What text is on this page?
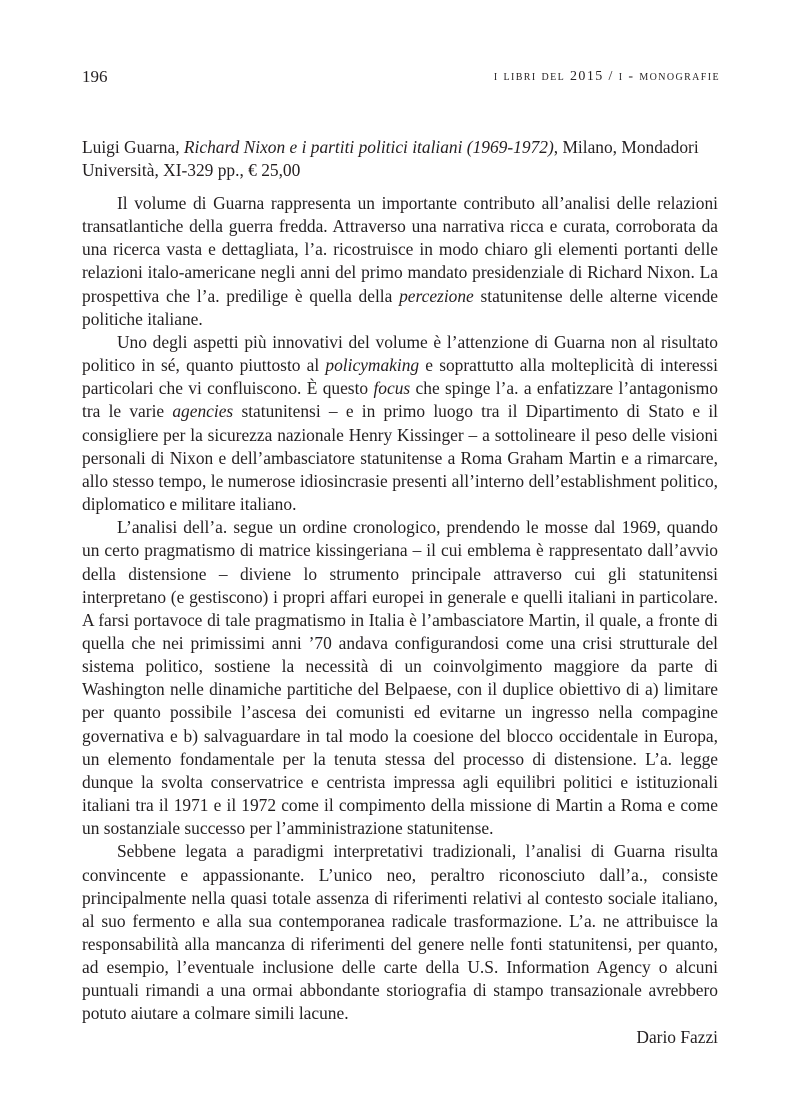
196	i libri del 2015 / i - monografie
Luigi Guarna, Richard Nixon e i partiti politici italiani (1969-1972), Milano, Mondadori Università, XI-329 pp., € 25,00

Il volume di Guarna rappresenta un importante contributo all’analisi delle relazioni transatlantiche della guerra fredda. Attraverso una narrativa ricca e curata, corroborata da una ricerca vasta e dettagliata, l’a. ricostruisce in modo chiaro gli elementi portanti delle relazioni italo-americane negli anni del primo mandato presidenziale di Richard Nixon. La prospettiva che l’a. predilige è quella della percezione statunitense delle alterne vicende politiche italiane.

Uno degli aspetti più innovativi del volume è l’attenzione di Guarna non al risultato politico in sé, quanto piuttosto al policymaking e soprattutto alla molteplicità di interessi particolari che vi confluiscono. È questo focus che spinge l’a. a enfatizzare l’antagonismo tra le varie agencies statunitensi – e in primo luogo tra il Dipartimento di Stato e il consigliere per la sicurezza nazionale Henry Kissinger – a sottolineare il peso delle visioni personali di Nixon e dell’ambasciatore statunitense a Roma Graham Martin e a rimarcare, allo stesso tempo, le numerose idiosincrasie presenti all’interno dell’establishment politico, diplomatico e militare italiano.

L’analisi dell’a. segue un ordine cronologico, prendendo le mosse dal 1969, quando un certo pragmatismo di matrice kissingeriana – il cui emblema è rappresentato dall’avvio della distensione – diviene lo strumento principale attraverso cui gli statunitensi interpretano (e gestiscono) i propri affari europei in generale e quelli italiani in particolare. A farsi portavoce di tale pragmatismo in Italia è l’ambasciatore Martin, il quale, a fronte di quella che nei primissimi anni ’70 andava configurandosi come una crisi strutturale del sistema politico, sostiene la necessità di un coinvolgimento maggiore da parte di Washington nelle dinamiche partitiche del Belpaese, con il duplice obiettivo di a) limitare per quanto possibile l’ascesa dei comunisti ed evitarne un ingresso nella compagine governativa e b) salvaguardare in tal modo la coesione del blocco occidentale in Europa, un elemento fondamentale per la tenuta stessa del processo di distensione. L’a. legge dunque la svolta conservatrice e centrista impressa agli equilibri politici e istituzionali italiani tra il 1971 e il 1972 come il compimento della missione di Martin a Roma e come un sostanziale successo per l’amministrazione statunitense.

Sebbene legata a paradigmi interpretativi tradizionali, l’analisi di Guarna risulta convincente e appassionante. L’unico neo, peraltro riconosciuto dall’a., consiste principalmente nella quasi totale assenza di riferimenti relativi al contesto sociale italiano, al suo fermento e alla sua contemporanea radicale trasformazione. L’a. ne attribuisce la responsabilità alla mancanza di riferimenti del genere nelle fonti statunitensi, per quanto, ad esempio, l’eventuale inclusione delle carte della U.S. Information Agency o alcuni puntuali rimandi a una ormai abbondante storiografia di stampo transazionale avrebbero potuto aiutare a colmare simili lacune.

Dario Fazzi
